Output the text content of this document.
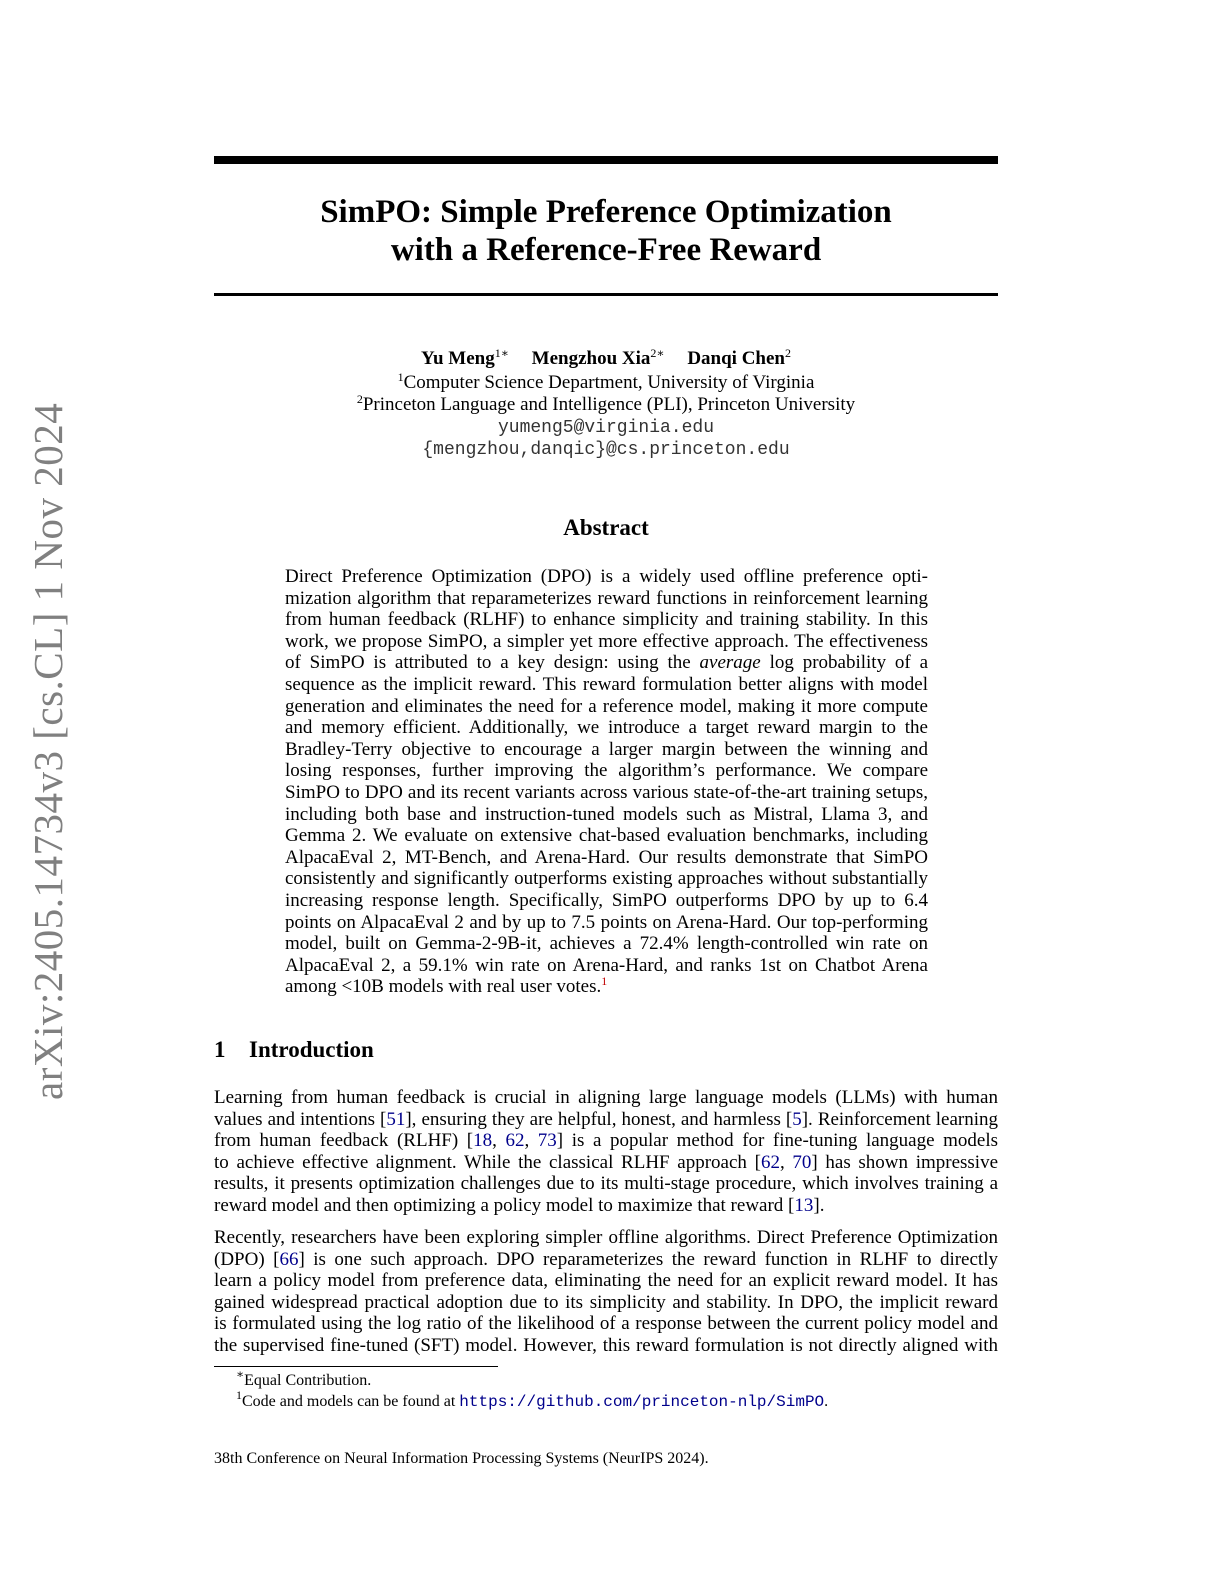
arXiv:2405.14734v3 [cs.CL] 1 Nov 2024
SimPO: Simple Preference Optimization
with a Reference-Free Reward
Yu Meng$^{1∗}$ Mengzhou Xia$^{2∗}$ Danqi Chen$^2$
$^1$Computer Science Department, University of Virginia
$^2$Princeton Language and Intelligence (PLI), Princeton University
yumeng5@virginia.edu
{mengzhou,danqic}@cs.princeton.edu
Abstract
Direct Preference Optimization (DPO) is a widely used offline preference opti-
mization algorithm that reparameterizes reward functions in reinforcement learning
from human feedback (RLHF) to enhance simplicity and training stability. In this
work, we propose SimPO, a simpler yet more effective approach. The effectiveness
of SimPO is attributed to a key design: using the average log probability of a
sequence as the implicit reward. This reward formulation better aligns with model
generation and eliminates the need for a reference model, making it more compute
and memory efficient. Additionally, we introduce a target reward margin to the
Bradley-Terry objective to encourage a larger margin between the winning and
losing responses, further improving the algorithm’s performance. We compare
SimPO to DPO and its recent variants across various state-of-the-art training setups,
including both base and instruction-tuned models such as Mistral, Llama 3, and
Gemma 2. We evaluate on extensive chat-based evaluation benchmarks, including
AlpacaEval 2, MT-Bench, and Arena-Hard. Our results demonstrate that SimPO
consistently and significantly outperforms existing approaches without substantially
increasing response length. Specifically, SimPO outperforms DPO by up to 6.4
points on AlpacaEval 2 and by up to 7.5 points on Arena-Hard. Our top-performing
model, built on Gemma-2-9B-it, achieves a 72.4% length-controlled win rate on
AlpacaEval 2, a 59.1% win rate on Arena-Hard, and ranks 1st on Chatbot Arena
among <10B models with real user votes.$^1$
1 Introduction
Learning from human feedback is crucial in aligning large language models (LLMs) with human
values and intentions [51], ensuring they are helpful, honest, and harmless [5]. Reinforcement learning
from human feedback (RLHF) [18, 62, 73] is a popular method for fine-tuning language models
to achieve effective alignment. While the classical RLHF approach [62, 70] has shown impressive
results, it presents optimization challenges due to its multi-stage procedure, which involves training a
reward model and then optimizing a policy model to maximize that reward [13].
Recently, researchers have been exploring simpler offline algorithms. Direct Preference Optimization
(DPO) [66] is one such approach. DPO reparameterizes the reward function in RLHF to directly
learn a policy model from preference data, eliminating the need for an explicit reward model. It has
gained widespread practical adoption due to its simplicity and stability. In DPO, the implicit reward
is formulated using the log ratio of the likelihood of a response between the current policy model and
the supervised fine-tuned (SFT) model. However, this reward formulation is not directly aligned with
∗Equal Contribution.
$^1$Code and models can be found at https://github.com/princeton-nlp/SimPO.
38th Conference on Neural Information Processing Systems (NeurIPS 2024).
